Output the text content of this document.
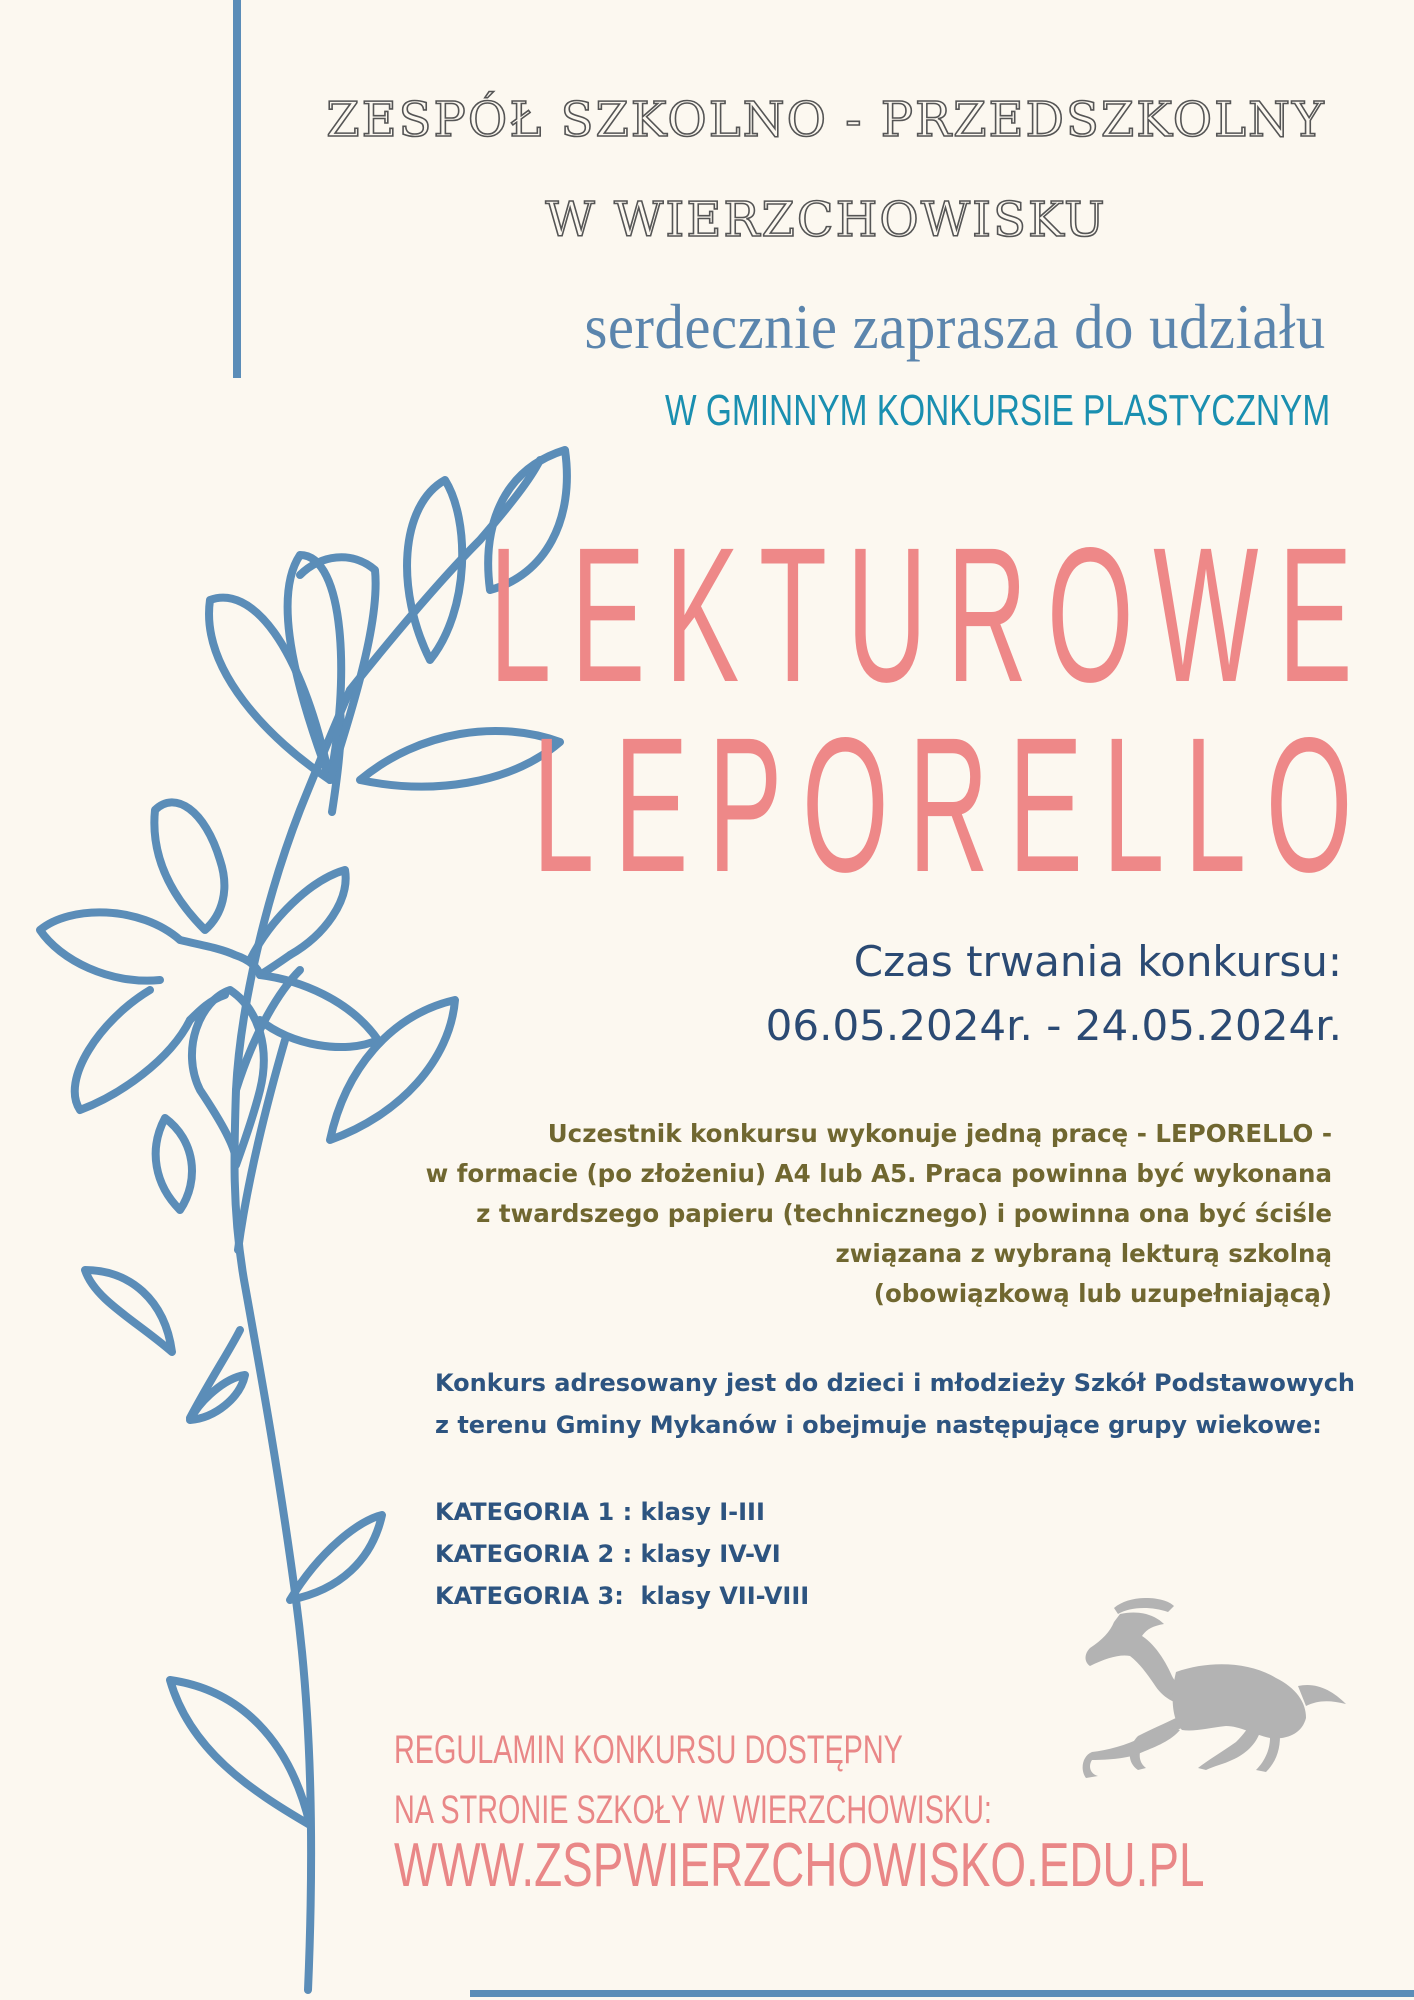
ZESPÓŁ SZKOLNO - PRZEDSZKOLNY
W WIERZCHOWISKU
serdecznie zaprasza do udziału
W GMINNYM KONKURSIE PLASTYCZNYM
LEKTUROWE
LEPORELLO
Czas trwania konkursu:
06.05.2024r. - 24.05.2024r.
Uczestnik konkursu wykonuje jedną pracę - LEPORELLO -
w formacie (po złożeniu) A4 lub A5. Praca powinna być wykonana
z twardszego papieru (technicznego) i powinna ona być ściśle
związana z wybraną lekturą szkolną
(obowiązkową lub uzupełniającą)
Konkurs adresowany jest do dzieci i młodzieży Szkół Podstawowych
z terenu Gminy Mykanów i obejmuje następujące grupy wiekowe:
KATEGORIA 1 : klasy I-III
KATEGORIA 2 : klasy IV-VI
KATEGORIA 3:  klasy VII-VIII
REGULAMIN KONKURSU DOSTĘPNY
NA STRONIE SZKOŁY W WIERZCHOWISKU:
WWW.ZSPWIERZCHOWISKO.EDU.PL
